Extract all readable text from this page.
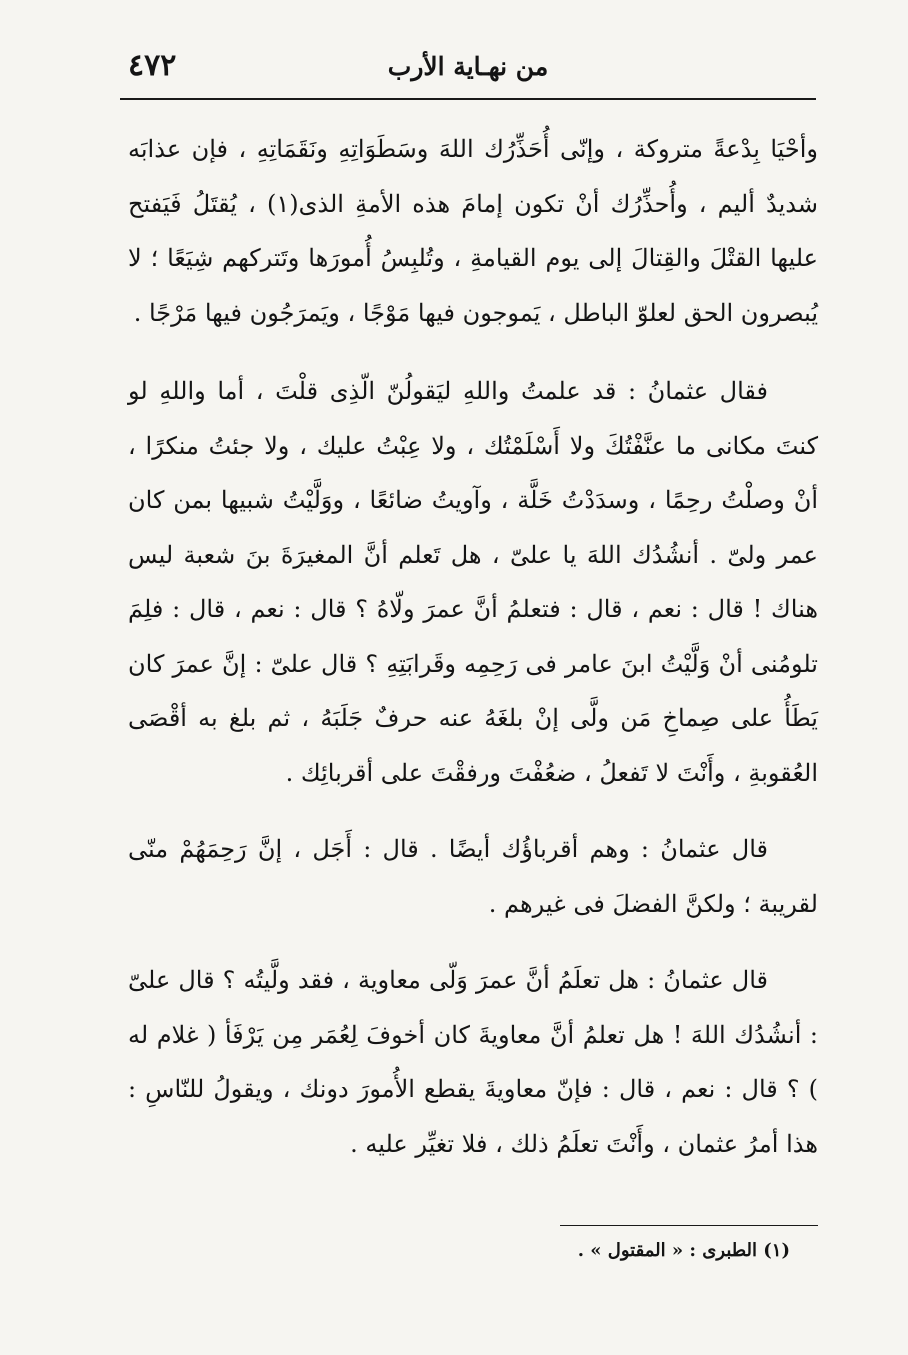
٤٧٢	من نهـاية الأرب

وأحْيَا بِدْعةً متروكة ، وإنّى أُحَذِّرُك اللهَ وسَطَوَاتِهِ ونَقَمَاتِهِ ، فإن عذابَه شديدٌ أليم ، وأُحذِّرُك أنْ تكون إمامَ هذه الأمةِ الذى(١) ، يُقتَلُ فَيَفتح عليها القتْلَ والقِتالَ إلى يوم القيامةِ ، وتُلبِسُ أُمورَها وتَتركهم شِيَعًا ؛ لا يُبصرون الحق لعلوّ الباطل ، يَموجون فيها مَوْجًا ، ويَمرَجُون فيها مَرْجًا .

فقال عثمانُ : قد علمتُ واللهِ ليَقولُنّ الّذِى قلْتَ ، أما واللهِ لو كنتَ مكانى ما عنَّفْتُكَ ولا أَسْلَمْتُك ، ولا عِبْتُ عليك ، ولا جئتُ منكرًا ، أنْ وصلْتُ رحِمًا ، وسدَدْتُ خَلَّة ، وآويتُ ضائعًا ، ووَلَّيْتُ شبيها بمن كان عمر ولىّ . أنشُدُك اللهَ يا علىّ ، هل تَعلم أنَّ المغيرَةَ بنَ شعبة ليس هناك ! قال : نعم ، قال : فتعلمُ أنَّ عمرَ ولّاهُ ؟ قال : نعم ، قال : فلِمَ تلومُنى أنْ وَلَّيْتُ ابنَ عامر فى رَحِمِه وقَرابَتِهِ ؟ قال علىّ : إنَّ عمرَ كان يَطَأُ على صِماخِ مَن ولَّى إنْ بلغَهُ عنه حرفٌ جَلَبَهُ ، ثم بلغ به أقْصَى العُقوبةِ ، وأَنْتَ لا تَفعلُ ، ضعُفْتَ ورفقْتَ على أقربائِك .

قال عثمانُ : وهم أقرباؤُك أيضًا . قال : أَجَل ، إنَّ رَحِمَهُمْ منّى لقريبة ؛ ولكنَّ الفضلَ فى غيرهم .

قال عثمانُ : هل تعلَمُ أنَّ عمرَ وَلّى معاوية ، فقد ولَّيتُه ؟ قال علىّ : أنشُدُك اللهَ ! هل تعلمُ أنَّ معاويةَ كان أخوفَ لِعُمَر مِن يَرْفَأ ( غلام له ) ؟ قال : نعم ، قال : فإنّ معاويةَ يقطع الأُمورَ دونك ، ويقولُ للنّاسِ : هذا أمرُ عثمان ، وأَنْتَ تعلَمُ ذلك ، فلا تغيِّر عليه .

(١) الطبرى : « المقتول » .
